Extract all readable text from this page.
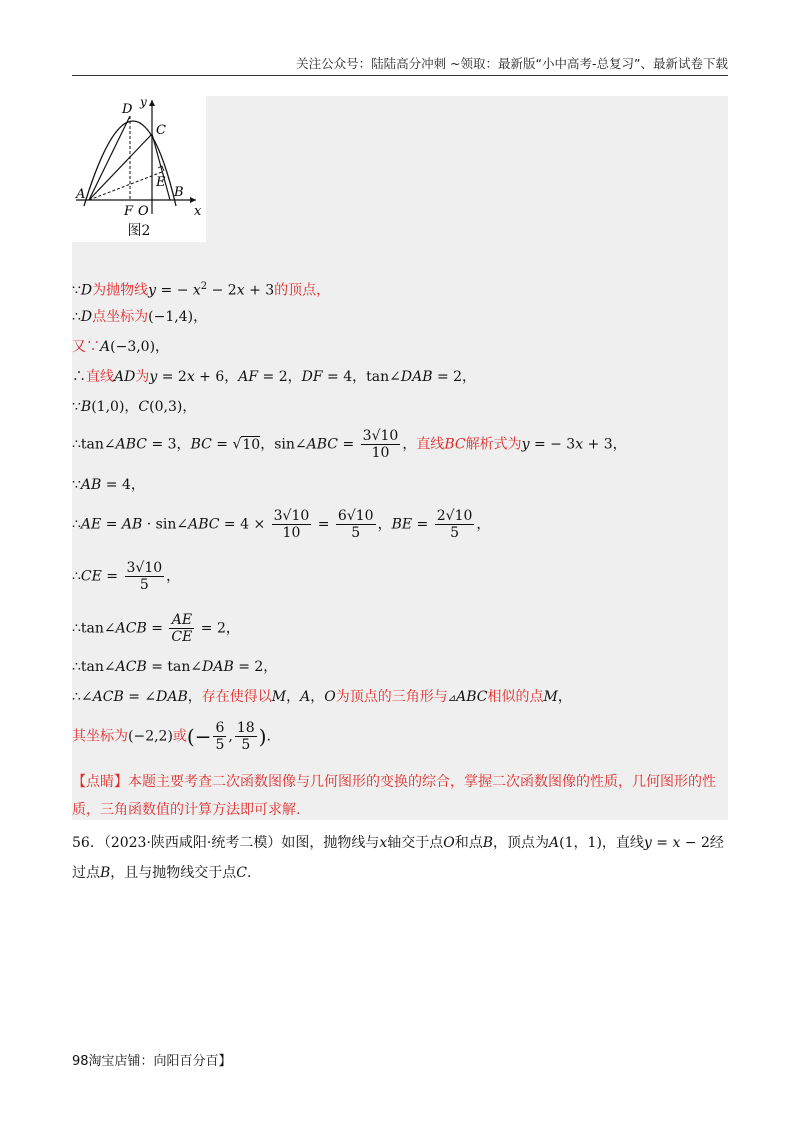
关注公众号：陆陆高分冲刺 ~领取：最新版“小中高考-总复习”、最新试卷下载
D y
C
A
E
B
F O	x
图2
∵D为抛物线y = − $x^2 - 2x + 3$的顶点，
∴D点坐标为(−1,4)，
又∵A(−3,0)，
∴直线AD为y = 2x + 6，AF = 2，DF = 4，tan∠DAB = 2，
∵B(1,0)，C(0,3)，
∴tan∠ABC = 3，BC = √10，sin∠ABC = $\frac{3√10}{10}$ ，直线BC解析式为y = − 3x + 3，
∵AB = 4，
∴AE = AB · sin∠ABC = $4 \times \frac{3√10}{10} = \frac{6√10}{5}$ ，BE = $\frac{2√10}{5}$ ，
∴CE = $\frac{3√10}{5}$ ，
∴tan∠ACB = $\frac{AE}{CE} = 2$，
∴tan∠ACB = tan∠DAB = 2，
∴∠ACB = ∠DAB，存在使得以M，A，O为顶点的三角形与⊿ABC相似的点M，
其坐标为(−2,2)或(− $\frac{6}{5}$ , $\frac{18}{5}$ ).
【点睛】本题主要考查二次函数图像与几何图形的变换的综合，掌握二次函数图像的性质，几何图形的性质，三角函数值的计算方法即可求解.
56．（2023·陕西咸阳·统考二模）如图，抛物线与x轴交于点O和点B，顶点为A(1，1)，直线y = x − 2经过点B，且与抛物线交于点C.
98淘宝店铺：向阳百分百】
